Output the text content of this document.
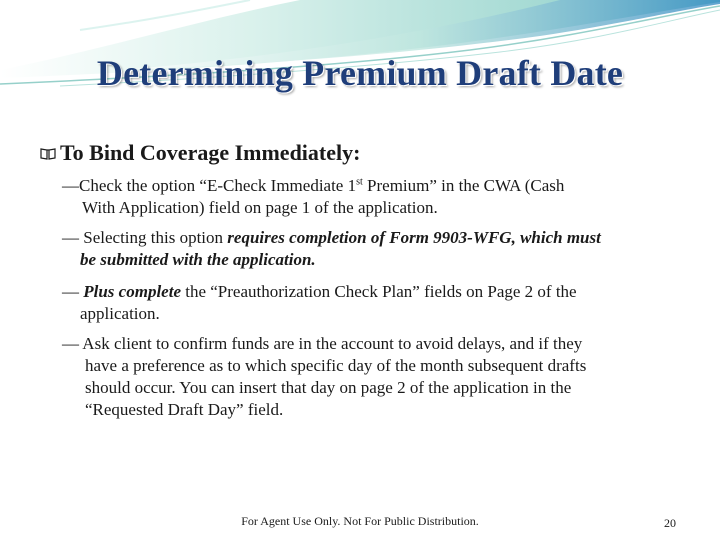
Determining Premium Draft Date
To Bind Coverage Immediately:
—Check the option “E-Check Immediate 1st Premium” in the CWA (Cash
With Application) field on page 1 of the application.
— Selecting this option requires completion of Form 9903-WFG, which must
be submitted with the application.
— Plus complete the “Preauthorization Check Plan” fields on Page 2 of the
application.
— Ask client to confirm funds are in the account to avoid delays, and if they
have a preference as to which specific day of the month subsequent drafts
should occur. You can insert that day on page 2 of the application in the
“Requested Draft Day” field.
For Agent Use Only. Not For Public Distribution.	20
